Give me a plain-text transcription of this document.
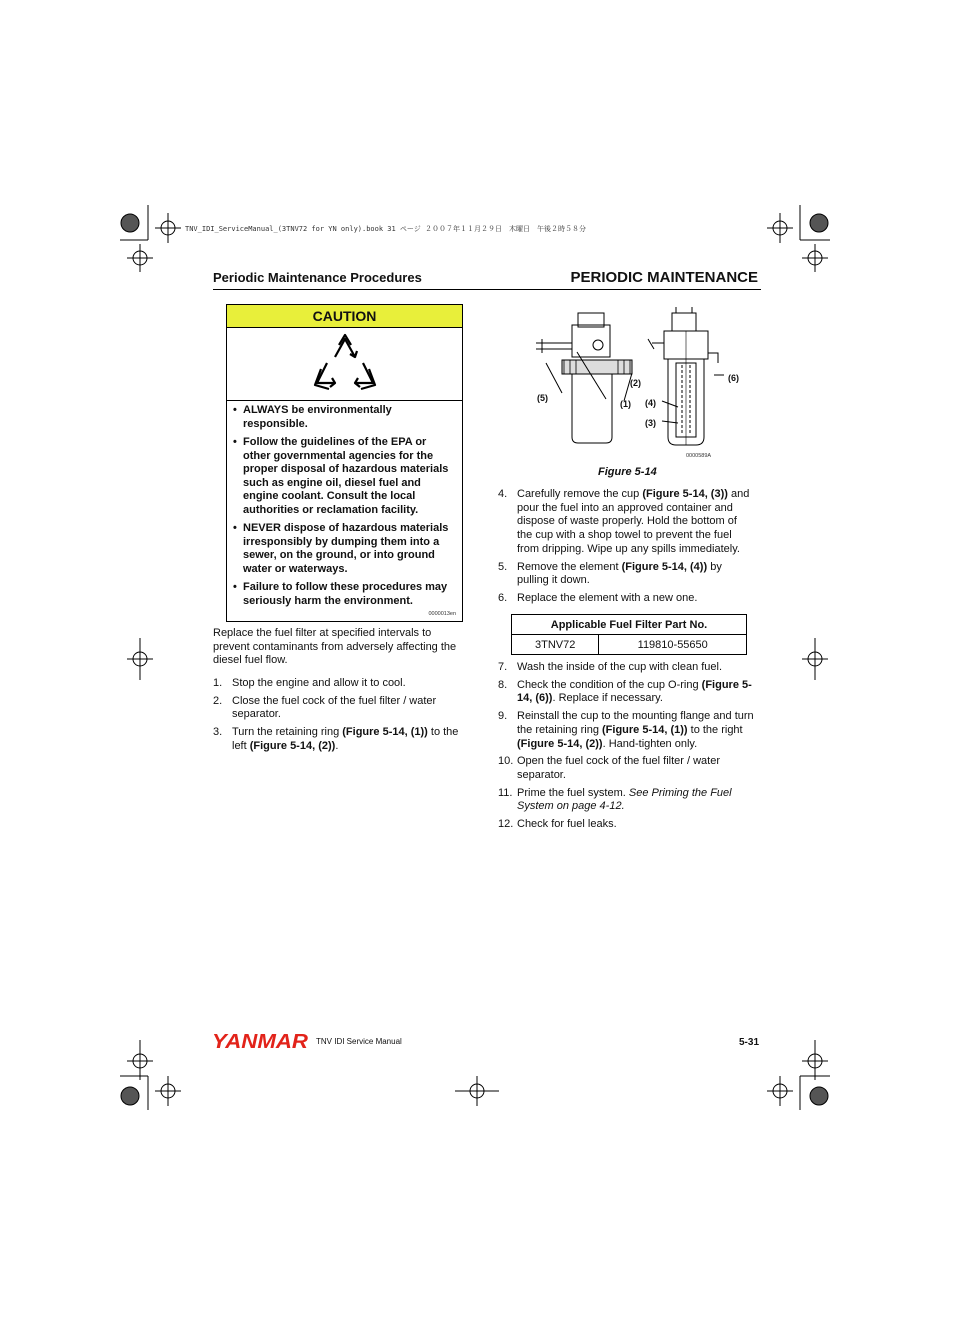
TNV_IDI_ServiceManual_(3TNV72 for YN only).book 31 ページ ２００７年１１月２９日　木曜日　午後２時５８分
Periodic Maintenance Procedures	PERIODIC MAINTENANCE
CAUTION
• ALWAYS be environmentally responsible.
• Follow the guidelines of the EPA or other governmental agencies for the proper disposal of hazardous materials such as engine oil, diesel fuel and engine coolant. Consult the local authorities or reclamation facility.
• NEVER dispose of hazardous materials irresponsibly by dumping them into a sewer, on the ground, or into ground water or waterways.
• Failure to follow these procedures may seriously harm the environment.
0000013en
Replace the fuel filter at specified intervals to prevent contaminants from adversely affecting the diesel fuel flow.
1. Stop the engine and allow it to cool.
2. Close the fuel cock of the fuel filter / water separator.
3. Turn the retaining ring (Figure 5-14, (1)) to the left (Figure 5-14, (2)).
(1)
(2)
(3)
(4)
(5)
(6)
0000589A
Figure 5-14
4. Carefully remove the cup (Figure 5-14, (3)) and pour the fuel into an approved container and dispose of waste properly. Hold the bottom of the cup with a shop towel to prevent the fuel from dripping. Wipe up any spills immediately.
5. Remove the element (Figure 5-14, (4)) by pulling it down.
6. Replace the element with a new one.
Applicable Fuel Filter Part No.
3TNV72	119810-55650
7. Wash the inside of the cup with clean fuel.
8. Check the condition of the cup O-ring (Figure 5-14, (6)). Replace if necessary.
9. Reinstall the cup to the mounting flange and turn the retaining ring (Figure 5-14, (1)) to the right (Figure 5-14, (2)). Hand-tighten only.
10. Open the fuel cock of the fuel filter / water separator.
11. Prime the fuel system. See Priming the Fuel System on page 4-12.
12. Check for fuel leaks.
YANMAR TNV IDI Service Manual	5-31
